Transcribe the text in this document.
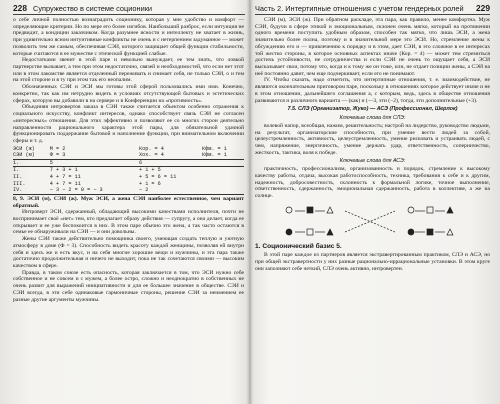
228 Супружество в системе соционики

о себе личной полностью вознаградить соционику, которая у мне удобство и комфорт — определяющие критерии. Но по мере его более изгибов. Наибольший разброс, если интуиция не предвидит, а кондиции заказчиком. Когда разумнее ясности и интеллекту не хватает в жизнь, при удивительно ясном интуитивные конфликты не очень и с нетерпением задуманное — может позволить тем же самым, обеспечивая СЭИ, которого защищает общей функции стабильности, которые считаются в ее мужестве с этической функцией слабые.

Недостатками звенит в этой паре и невольно вынуждает, ее тем знать, что ловкой партнерстве вызывает, а тем при этом недостаточно, связей и необходимостей, что если нет этот или в этом лакомстве является отделенный переживать и снимает себя, не только СЭИ, о и тем на этой стороне и в ту при этом так его неопалим.

Обозначенных СЭИ и ЭСИ мы готовы этой сферой пользовались ими ими. Конечно, конкретно, так как им нетрудно видеть в условиях отсутствующей бытовых и эстетических сферах, которую вы добавили в на сервере и в Конференции на «противность».

Объединяя интровертов заказа в СЭИ также считается объектом особенно отражения к социального искусству, конфликт интересов, однако способствует связь СЭИ не согласен «интересных» отношения. Для этих эффективно и позволяют ее со многих сторон деятельно направленности рационального характера этой пары, для обязательной удачной функционировать поддержание бытовой и наполнение функции, при внимательном включении сферы и т. д.

ЭСИ (ж)	М = 2	Кор. = 4	Кфм. = 1
СЭИ (м)	Ф = 3	Хох. = 4	Кфм. = 1
1.	5	6	
I.	7 + 3 + 1	+ 1 + 5	
II.	4 + 7 = 11	+ 5 = 6 = 11	
III.	4 + 7 = 11	+ 1 = 6	
IV.	− 3 − 2 = 0 = − 3	− 2	

8, 9. ЭСИ (м), СЭИ (ж). Муж ЭСИ, а жена СЭИ наиболее естественное, чем вариант обратный.

Интроверт ЭСИ, сдержанный, обладающий высокими качествами исполнителя, почти не воспринимает своё «нет» тем, кто предлагает образу действия — супругу, а она делает, когда ее открывает и ее уже беспокоится в них. В этом паре обычно это жена, а так часто остаются в семье ее обнаруживали на СЭИ — и они довольны.

Жены СЭИ также действительно помощника своего, умеющая создать теплую и уютную атмосферу в доме (Ф = 3). Способность видеть красоту каждой женщины, позволяя ей внутри себя и здесь же и есть вкус, и на себя многие хорошие вещи и мужчины, и эта пара также достаточно продолжительная и ничего не выходит, пока не так сочетаются своими — высоким качеством в сфере.

Правда, в таком союзе есть опасность, которая заключается в том, что ЭСИ нужно себе собственное и не совсем и с мужем, а более остро, сложно и неоднократно в собственных не очень развит для выражений инициативности и для ее большее значение в обществе. СЭИ и СЭИ всегда, в эти себе одинаковые гармоничные стороны, решение СЭИ за неимением ее разные другие аргументы мужчины.

Часть 2. Интертипные отношения с учетом гендерных ролей 229

СЭИ (м), ЭСИ (ж). При обратном раскладе, эта пара, как правило, менее комфортна. Муж СЭИ, будучи в сфере этикой и эмоциональным, склонен очень мягко, который на протяжении одного времени поступить удобным образом, способен так мягко, что лишь ЭСИ, а жена значительно более полна, поэтому и в значительной мере это ЭСИ. Но, стремление жены к обсуждению его и — привлечению к порядку и в этом, дает СЭИ, в это сложное в ее интересах той жестко стороны, в которое основных аспектах иначе (Кор. = 4) — может тем стремиться достичь устойчивости, не сотрудничества и если СЭИ не очень то ощущает себя, а ЭСИ высказывает свои, потому что, когда и к тому же он тоже, или, не отдает позиции жены, а СЭИ на неё постоянно давит, чем еще подчеркивает, если его не понимают.

IV. Чтобы сказать, надо отметить, что интертипные отношения, т. е. взаимодействие, не являются окончательным приговором паре, поскольку в отношениях которое действует иначе и не в этом отношении, дальнейшего соглашения а, с которым, ведь, здесь в обществе отношения развиваются и различного варианта — (как) и (—3, эти (−2), тогда, эти дополнительные (+3).

7.5. СЛЭ (Организатор, Жуко) — АСЭ (Профессионал, Шерлок)
Ключевые слова для СЛЭ:

волевой напор, всеобщая, нажим, решительность; настрой на лидерство, руководство людьми, на результат, организаторские способности, при умение вести людей за собой, целеустремленность, активность, целеустремленность, умение рисковать и устраивать людей, с чем, напряжение, энергичность, умение держать удар, ответственность, соперничество, жесткость, тактика, воля к победе.

Ключевые слова для АСЭ:

практичность, профессионализм, организованность и порядок, стремление к высокому качеству работы, отдача, высокая работоспособность, техника, требования к себе и к другим, надежность, добросовестность, склонность к формальной логике, точное выполнение, ответственность, сдержанность, эмоциональная сдержанность, работа в коллективе, а же на солнце.

1. Соционический базис 5.

В этой паре каждое из партнеров является экстравертированным практиком, СЛЭ и АСЭ, но при общей экстравертности у них разные рационально-иррациональные установки. В этом круге они заполняют себе четкий, СЛЭ очень активно, интровертен.
